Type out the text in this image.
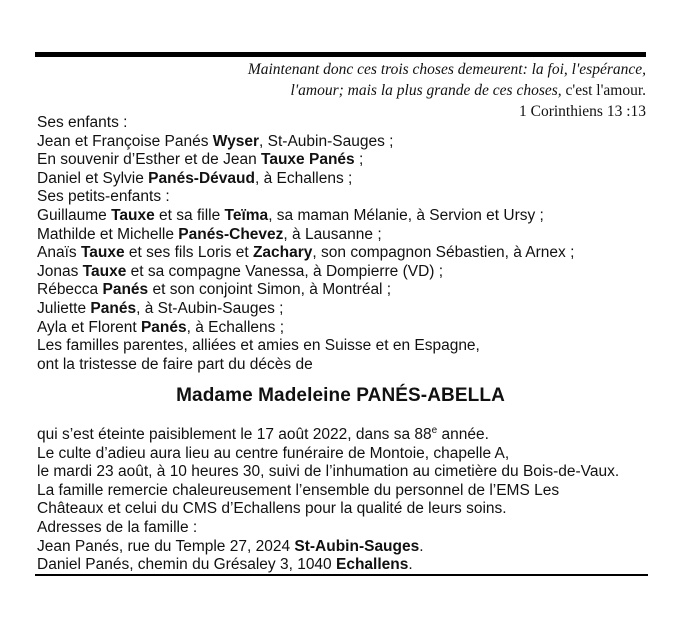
Maintenant donc ces trois choses demeurent: la foi, l'espérance,
l'amour; mais la plus grande de ces choses, c'est l'amour.
1 Corinthiens 13 :13
Ses enfants :
Jean et Françoise Panés Wyser, St-Aubin-Sauges ;
En souvenir d’Esther et de Jean Tauxe Panés ;
Daniel et Sylvie Panés-Dévaud, à Echallens ;
Ses petits-enfants :
Guillaume Tauxe et sa fille Teïma, sa maman Mélanie, à Servion et Ursy ;
Mathilde et Michelle Panés-Chevez, à Lausanne ;
Anaïs Tauxe et ses fils Loris et Zachary, son compagnon Sébastien, à Arnex ;
Jonas Tauxe et sa compagne Vanessa, à Dompierre (VD) ;
Rébecca Panés et son conjoint Simon, à Montréal ;
Juliette Panés, à St-Aubin-Sauges ;
Ayla et Florent Panés, à Echallens ;
Les familles parentes, alliées et amies en Suisse et en Espagne,
ont la tristesse de faire part du décès de
Madame Madeleine PANÉS-ABELLA
qui s’est éteinte paisiblement le 17 août 2022, dans sa 88e année.
Le culte d’adieu aura lieu au centre funéraire de Montoie, chapelle A,
le mardi 23 août, à 10 heures 30, suivi de l’inhumation au cimetière du Bois-de-Vaux.
La famille remercie chaleureusement l’ensemble du personnel de l’EMS Les
Châteaux et celui du CMS d’Echallens pour la qualité de leurs soins.
Adresses de la famille :
Jean Panés, rue du Temple 27, 2024 St-Aubin-Sauges.
Daniel Panés, chemin du Grésaley 3, 1040 Echallens.
